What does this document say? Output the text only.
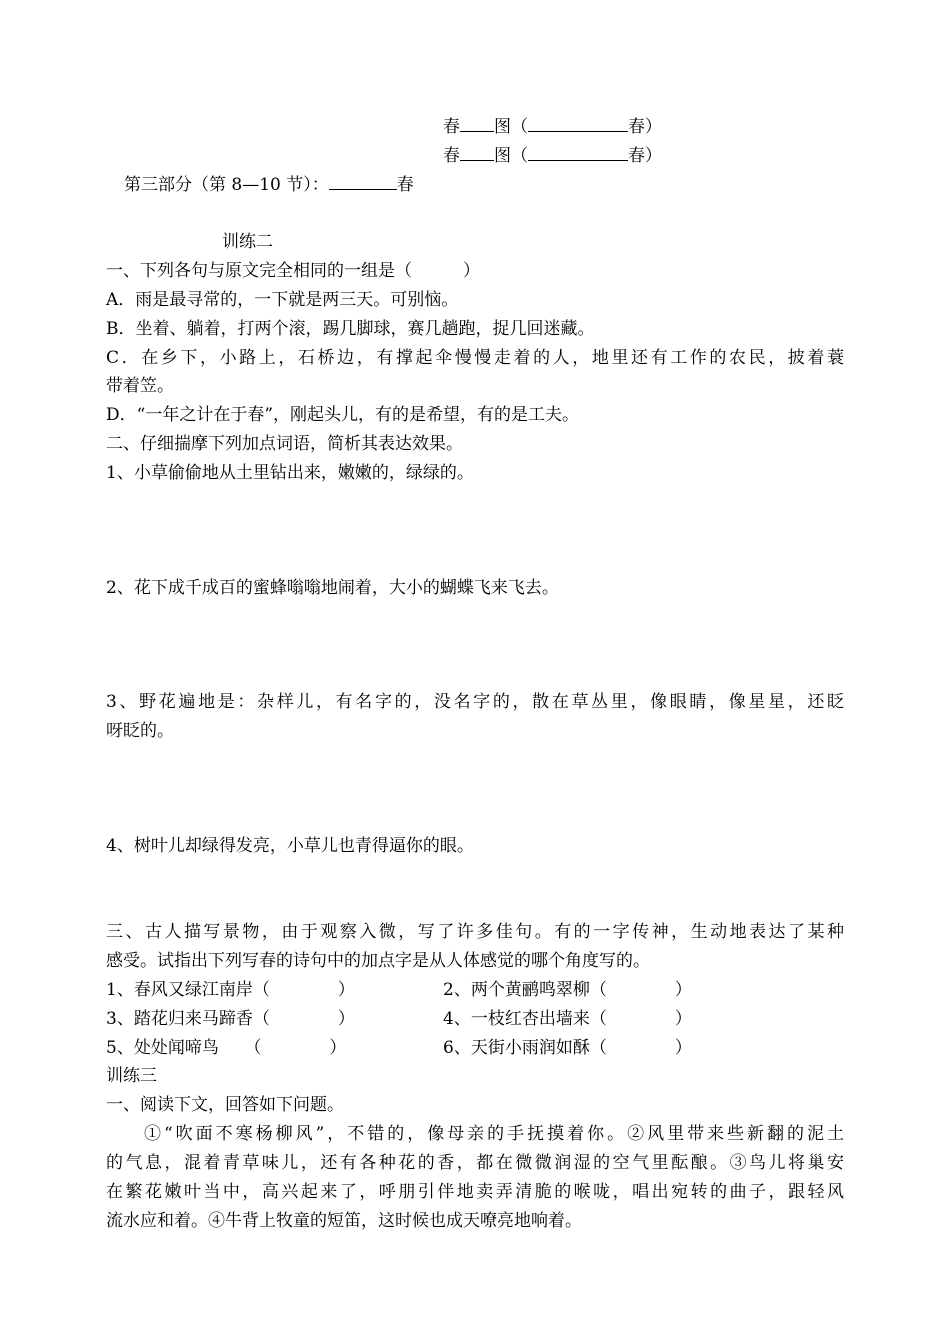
春 图（	春）
春 图（	春）
第三部分（第 8—10 节）：	春
训练二
一、下列各句与原文完全相同的一组是（　　　）
A．雨是最寻常的，一下就是两三天。可别恼。
B．坐着、躺着，打两个滚，踢几脚球，赛几趟跑，捉几回迷藏。
C．在乡下，小路上，石桥边，有撑起伞慢慢走着的人，地里还有工作的农民，披着蓑
带着笠。
D．“一年之计在于春”，刚起头儿，有的是希望，有的是工夫。
二、仔细揣摩下列加点词语，简析其表达效果。
1、小草偷偷地从土里钻出来，嫩嫩的，绿绿的。
2、花下成千成百的蜜蜂嗡嗡地闹着，大小的蝴蝶飞来飞去。
3、野花遍地是：杂样儿，有名字的，没名字的，散在草丛里，像眼睛，像星星，还眨
呀眨的。
4、树叶儿却绿得发亮，小草儿也青得逼你的眼。
三、古人描写景物，由于观察入微，写了许多佳句。有的一字传神，生动地表达了某种
感受。试指出下列写春的诗句中的加点字是从人体感觉的哪个角度写的。
1、春风又绿江南岸（　　　　）	2、两个黄鹂鸣翠柳（　　　　）
3、踏花归来马蹄香（　　　　）	4、一枝红杏出墙来（　　　　）
5、处处闻啼鸟　　（　　　　）	6、天街小雨润如酥（　　　　）
训练三
一、阅读下文，回答如下问题。
①“吹面不寒杨柳风”，不错的，像母亲的手抚摸着你。②风里带来些新翻的泥土
的气息，混着青草味儿，还有各种花的香，都在微微润湿的空气里酝酿。③鸟儿将巢安
在繁花嫩叶当中，高兴起来了，呼朋引伴地卖弄清脆的喉咙，唱出宛转的曲子，跟轻风
流水应和着。④牛背上牧童的短笛，这时候也成天嘹亮地响着。
